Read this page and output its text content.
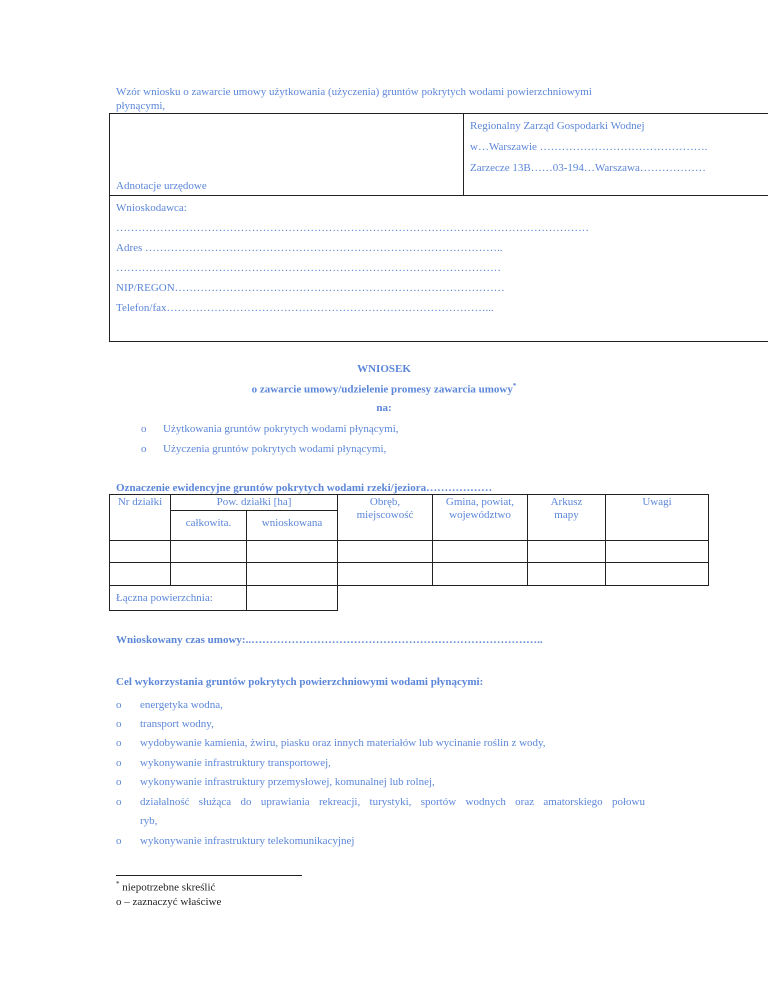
Wzór wniosku o zawarcie umowy użytkowania (użyczenia) gruntów pokrytych wodami powierzchniowymi
płynącymi,
Regionalny Zarząd Gospodarki Wodnej
w…Warszawie ……………………………………….
Zarzecze 13B……03-194…Warszawa………………
Adnotacje urzędowe
Wnioskodawca:
…………………………………………………………………………………………………………………
Adres ……………………………………………………………………………………..
……………………………………………………………………………………………
NIP/REGON………………………………………………………………………………
Telefon/fax……………………………………………………………………………...
WNIOSEK
o zawarcie umowy/udzielenie promesy zawarcia umowy*
na:
o Użytkowania gruntów pokrytych wodami płynącymi,
o Użyczenia gruntów pokrytych wodami płynącymi,
Oznaczenie ewidencyjne gruntów pokrytych wodami rzeki/jeziora………………
Nr działki	Pow. działki [ha]
całkowita.	wnioskowana
Obręb, miejscowość
Gmina, powiat, województwo
Arkusz mapy
Uwagi
Łączna powierzchnia:
Wnioskowany czas umowy:..……………………………………………………………………..
Cel wykorzystania gruntów pokrytych powierzchniowymi wodami płynącymi:
o energetyka wodna,
o transport wodny,
o wydobywanie kamienia, żwiru, piasku oraz innych materiałów lub wycinanie roślin z wody,
o wykonywanie infrastruktury transportowej,
o wykonywanie infrastruktury przemysłowej, komunalnej lub rolnej,
o działalność służąca do uprawiania rekreacji, turystyki, sportów wodnych oraz amatorskiego połowu
ryb,
o wykonywanie infrastruktury telekomunikacyjnej
* niepotrzebne skreślić
o – zaznaczyć właściwe
